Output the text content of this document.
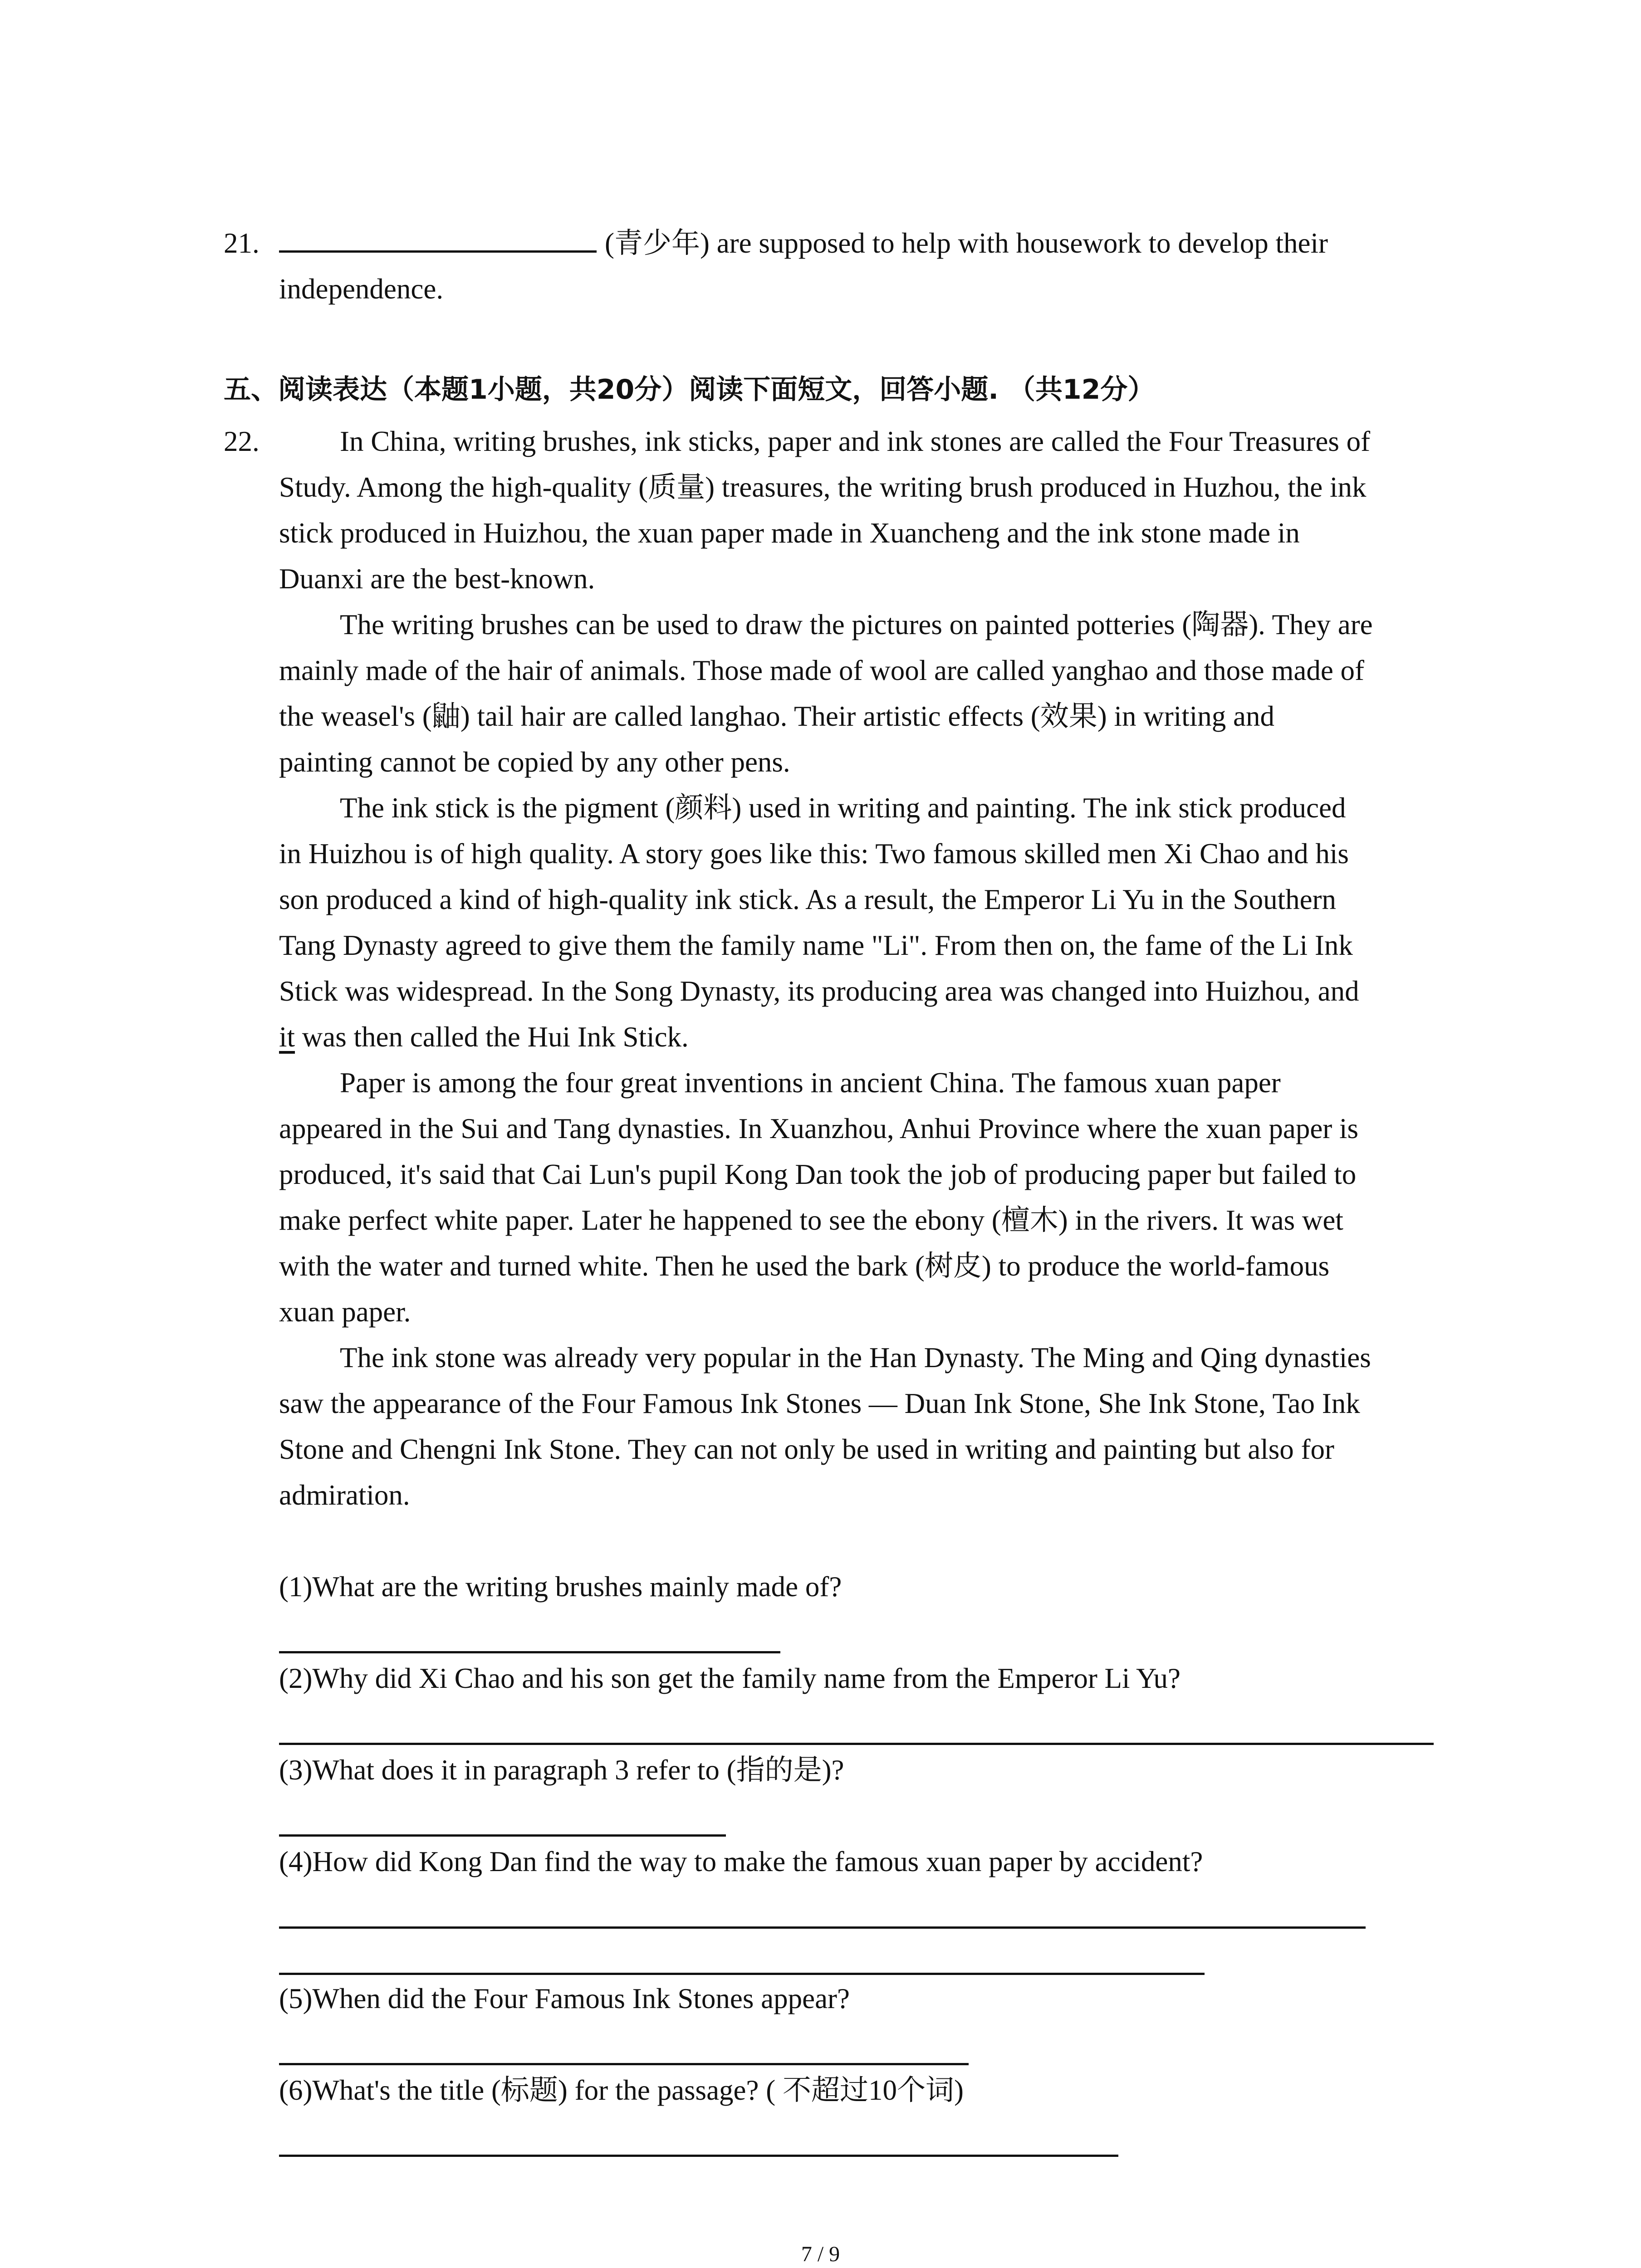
21.	(青少年) are supposed to help with housework to develop their
independence.
五、阅读表达（本题1小题，共20分）阅读下面短文，回答小题. （共12分）
22.	In China, writing brushes, ink sticks, paper and ink stones are called the Four Treasures of
Study. Among the high-quality (质量) treasures, the writing brush produced in Huzhou, the ink
stick produced in Huizhou, the xuan paper made in Xuancheng and the ink stone made in
Duanxi are the best-known.
The writing brushes can be used to draw the pictures on painted potteries (陶器). They are
mainly made of the hair of animals. Those made of wool are called yanghao and those made of
the weasel's (鼬) tail hair are called langhao. Their artistic effects (效果) in writing and
painting cannot be copied by any other pens.
The ink stick is the pigment (颜料) used in writing and painting. The ink stick produced
in Huizhou is of high quality. A story goes like this: Two famous skilled men Xi Chao and his
son produced a kind of high-quality ink stick. As a result, the Emperor Li Yu in the Southern
Tang Dynasty agreed to give them the family name "Li". From then on, the fame of the Li Ink
Stick was widespread. In the Song Dynasty, its producing area was changed into Huizhou, and
it was then called the Hui Ink Stick.
Paper is among the four great inventions in ancient China. The famous xuan paper
appeared in the Sui and Tang dynasties. In Xuanzhou, Anhui Province where the xuan paper is
produced, it's said that Cai Lun's pupil Kong Dan took the job of producing paper but failed to
make perfect white paper. Later he happened to see the ebony (檀木) in the rivers. It was wet
with the water and turned white. Then he used the bark (树皮) to produce the world-famous
xuan paper.
The ink stone was already very popular in the Han Dynasty. The Ming and Qing dynasties
saw the appearance of the Four Famous Ink Stones — Duan Ink Stone, She Ink Stone, Tao Ink
Stone and Chengni Ink Stone. They can not only be used in writing and painting but also for
admiration.
(1)What are the writing brushes mainly made of?
(2)Why did Xi Chao and his son get the family name from the Emperor Li Yu?
(3)What does it in paragraph 3 refer to (指的是)?
(4)How did Kong Dan find the way to make the famous xuan paper by accident?
(5)When did the Four Famous Ink Stones appear?
(6)What's the title (标题) for the passage? ( 不超过10个词)
7 / 9
